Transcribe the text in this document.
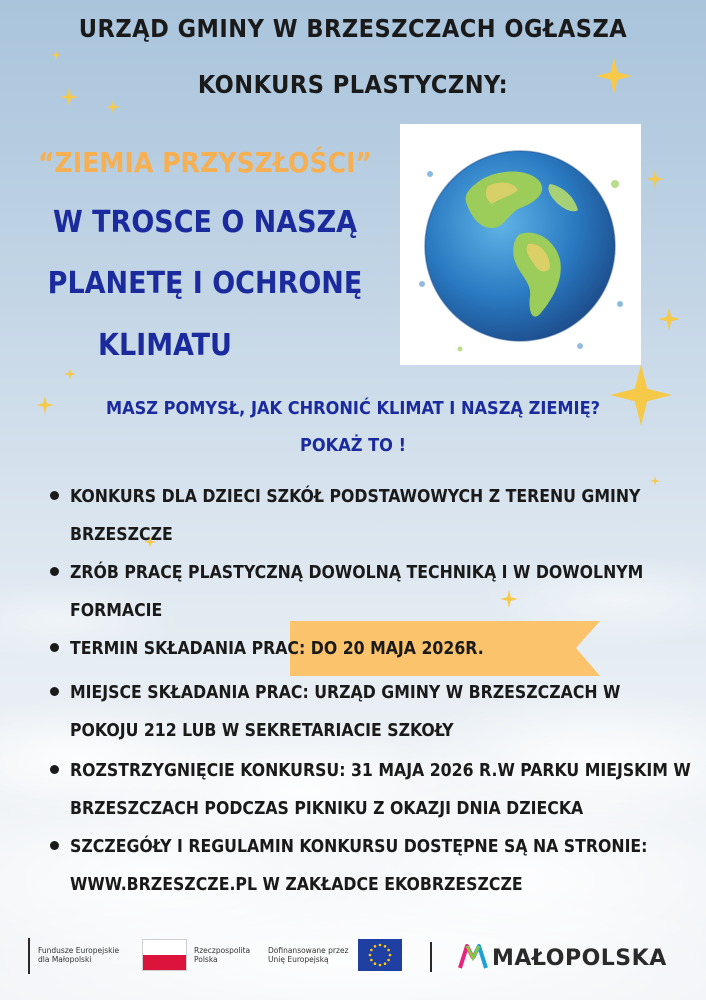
URZĄD GMINY W BRZESZCZACH OGŁASZA
KONKURS PLASTYCZNY:
“ZIEMIA PRZYSZŁOŚCI”
W TROSCE O NASZĄ
PLANETĘ I OCHRONĘ
KLIMATU
MASZ POMYSŁ, JAK CHRONIĆ KLIMAT I NASZĄ ZIEMIĘ?
POKAŻ TO !
KONKURS DLA DZIECI SZKÓŁ PODSTAWOWYCH Z TERENU GMINY
BRZESZCZE
ZRÓB PRACĘ PLASTYCZNĄ DOWOLNĄ TECHNIKĄ I W DOWOLNYM
FORMACIE
TERMIN SKŁADANIA PRAC: DO 20 MAJA 2026R.
MIEJSCE SKŁADANIA PRAC: URZĄD GMINY W BRZESZCZACH W
POKOJU 212 LUB W SEKRETARIACIE SZKOŁY
ROZSTRZYGNIĘCIE KONKURSU: 31 MAJA 2026 R.W PARKU MIEJSKIM W
BRZESZCZACH PODCZAS PIKNIKU Z OKAZJI DNIA DZIECKA
SZCZEGÓŁY I REGULAMIN KONKURSU DOSTĘPNE SĄ NA STRONIE:
WWW.BRZESZCZE.PL W ZAKŁADCE EKOBRZESZCZE
Fundusze Europejskie
dla Małopolski
Rzeczpospolita
Polska
Dofinansowane przez
Unię Europejską	MAŁOPOLSKA
